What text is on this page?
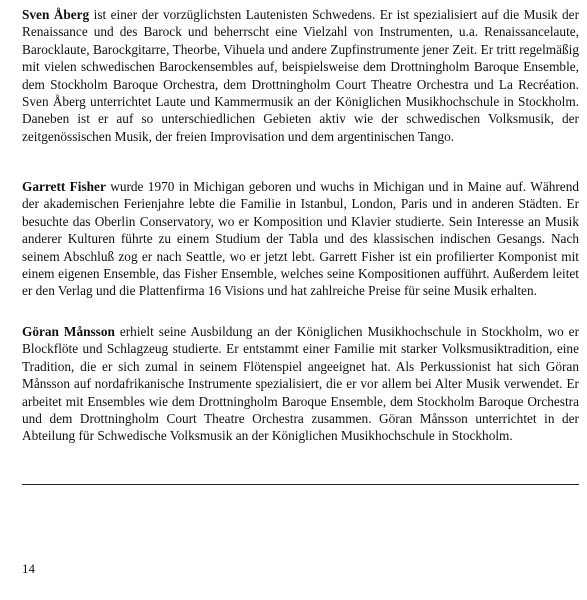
Sven Åberg ist einer der vorzüglichsten Lautenisten Schwedens. Er ist spezialisiert auf die Musik der Renaissance und des Barock und beherrscht eine Vielzahl von Instrumenten, u.a. Renaissancelaute, Barocklaute, Barockgitarre, Theorbe, Vihuela und andere Zupfinstrumente jener Zeit. Er tritt regelmäßig mit vielen schwedischen Barockensembles auf, beispielsweise dem Drottningholm Baroque Ensemble, dem Stockholm Baroque Orchestra, dem Drottningholm Court Theatre Orchestra und La Recréation. Sven Åberg unterrichtet Laute und Kammermusik an der Königlichen Musikhochschule in Stockholm. Daneben ist er auf so unterschiedlichen Gebieten aktiv wie der schwedischen Volksmusik, der zeitgenössischen Musik, der freien Improvisation und dem argentinischen Tango.

Garrett Fisher wurde 1970 in Michigan geboren und wuchs in Michigan und in Maine auf. Während der akademischen Ferienjahre lebte die Familie in Istanbul, London, Paris und in anderen Städten. Er besuchte das Oberlin Conservatory, wo er Komposition und Klavier studierte. Sein Interesse an Musik anderer Kulturen führte zu einem Studium der Tabla und des klassischen indischen Gesangs. Nach seinem Abschluß zog er nach Seattle, wo er jetzt lebt. Garrett Fisher ist ein profilierter Komponist mit einem eigenen Ensemble, das Fisher Ensemble, welches seine Kompositionen aufführt. Außerdem leitet er den Verlag und die Plattenfirma 16 Visions und hat zahlreiche Preise für seine Musik erhalten.

Göran Månsson erhielt seine Ausbildung an der Königlichen Musikhochschule in Stockholm, wo er Blockflöte und Schlagzeug studierte. Er entstammt einer Familie mit starker Volksmusiktradition, eine Tradition, die er sich zumal in seinem Flötenspiel angeeignet hat. Als Perkussionist hat sich Göran Månsson auf nordafrikanische Instrumente spezialisiert, die er vor allem bei Alter Musik verwendet. Er arbeitet mit Ensembles wie dem Drottningholm Baroque Ensemble, dem Stockholm Baroque Orchestra und dem Drottningholm Court Theatre Orchestra zusammen. Göran Månsson unterrichtet in der Abteilung für Schwedische Volksmusik an der Königlichen Musikhochschule in Stockholm.

14
